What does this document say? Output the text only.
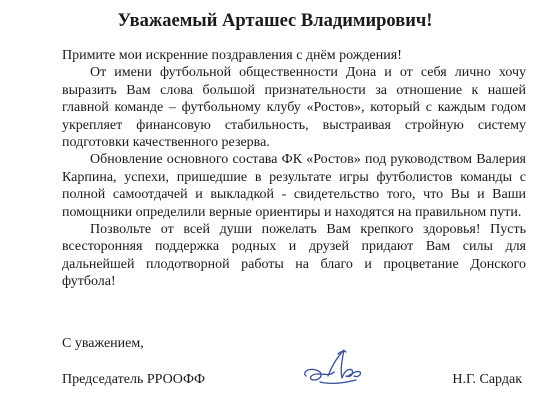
Уважаемый Арташес Владимирович!

Примите мои искренние поздравления с днём рождения!

От имени футбольной общественности Дона и от себя лично хочу выразить Вам слова большой признательности за отношение к нашей главной команде – футбольному клубу «Ростов», который с каждым годом укрепляет финансовую стабильность, выстраивая стройную систему подготовки качественного резерва.

Обновление основного состава ФК «Ростов» под руководством Валерия Карпина, успехи, пришедшие в результате игры футболистов команды с полной самоотдачей и выкладкой - свидетельство того, что Вы и Ваши помощники определили верные ориентиры и находятся на правильном пути.

Позвольте от всей души пожелать Вам крепкого здоровья! Пусть всесторонняя поддержка родных и друзей придают Вам силы для дальнейшей плодотворной работы на благо и процветание Донского футбола!

С уважением,
Председатель РРООФФ	Н.Г. Сардак
